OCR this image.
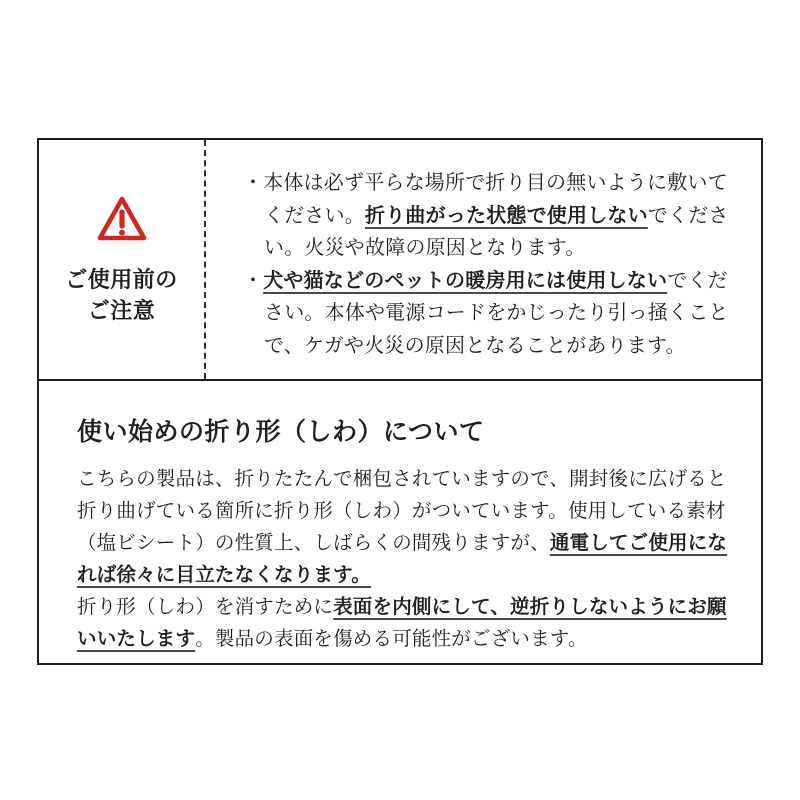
ご使用前の
ご注意
・本体は必ず平らな場所で折り目の無いように敷いてください。折り曲がった状態で使用しないでください。火災や故障の原因となります。
・犬や猫などのペットの暖房用には使用しないでください。本体や電源コードをかじったり引っ掻くことで、ケガや火災の原因となることがあります。
使い始めの折り形（しわ）について
こちらの製品は、折りたたんで梱包されていますので、開封後に広げると折り曲げている箇所に折り形（しわ）がついています。使用している素材（塩ビシート）の性質上、しばらくの間残りますが、通電してご使用になれば徐々に目立たなくなります。
折り形（しわ）を消すために表面を内側にして、逆折りしないようにお願いいたします。製品の表面を傷める可能性がございます。
